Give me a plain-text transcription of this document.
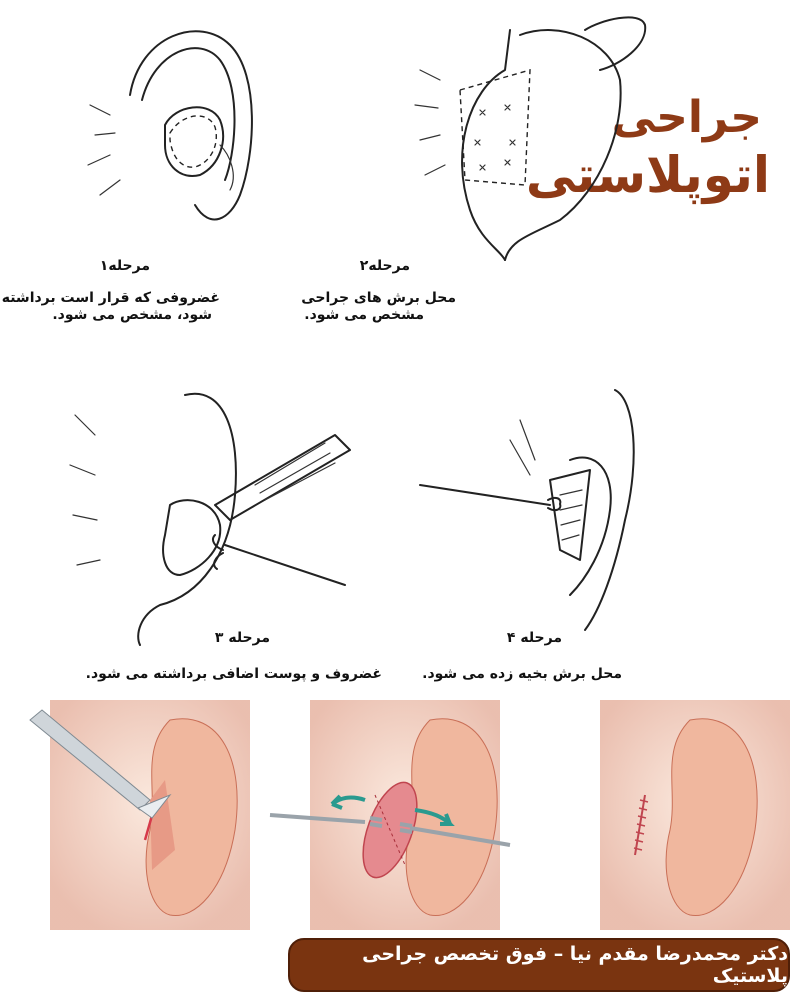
جراحی
اتوپلاستی
مرحله۱
غضروفی که قرار است برداشته
شود، مشخص می شود.
مرحله۲
محل برش های جراحی
مشخص می شود.
مرحله ۳
غضروف و پوست اضافی برداشته می شود.
مرحله ۴
محل برش بخیه زده می شود.
دکتر محمدرضا مقدم نیا – فوق تخصص جراحی پلاستیک
